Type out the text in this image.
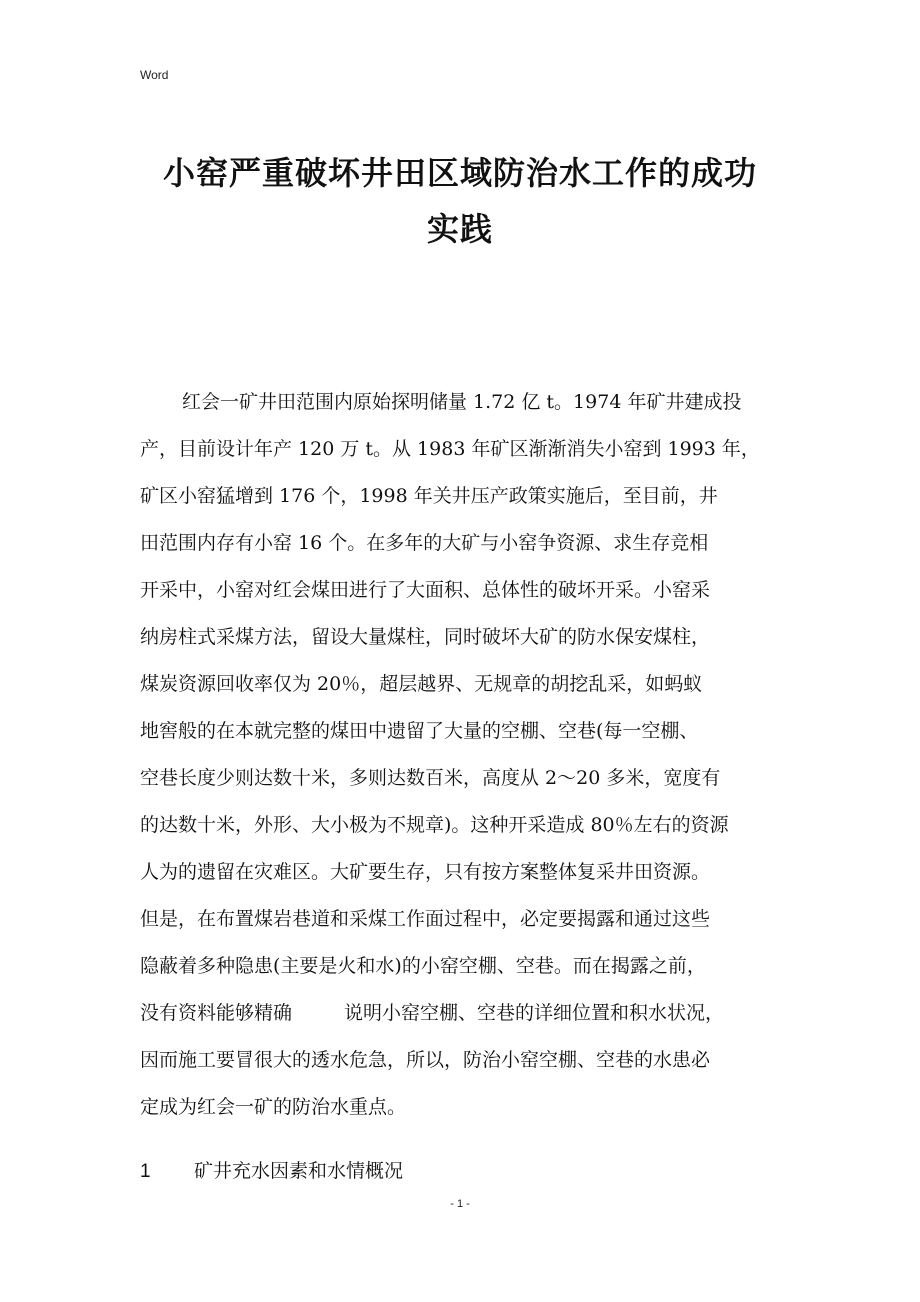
Word
小窑严重破坏井田区域防治水工作的成功
实践
红会一矿井田范围内原始探明储量 1.72 亿 t。1974 年矿井建成投
产，目前设计年产 120 万 t。从 1983 年矿区渐渐消失小窑到 1993 年，
矿区小窑猛增到 176 个，1998 年关井压产政策实施后，至目前，井
田范围内存有小窑 16 个。在多年的大矿与小窑争资源、求生存竞相
开采中，小窑对红会煤田进行了大面积、总体性的破坏开采。小窑采
纳房柱式采煤方法，留设大量煤柱，同时破坏大矿的防水保安煤柱，
煤炭资源回收率仅为 20％，超层越界、无规章的胡挖乱采，如蚂蚁
地窖般的在本就完整的煤田中遗留了大量的空棚、空巷(每一空棚、
空巷长度少则达数十米，多则达数百米，高度从 2～20 多米，宽度有
的达数十米，外形、大小极为不规章)。这种开采造成 80％左右的资源
人为的遗留在灾难区。大矿要生存，只有按方案整体复采井田资源。
但是，在布置煤岩巷道和采煤工作面过程中，必定要揭露和通过这些
隐蔽着多种隐患(主要是火和水)的小窑空棚、空巷。而在揭露之前，
没有资料能够精确	说明小窑空棚、空巷的详细位置和积水状况，
因而施工要冒很大的透水危急，所以，防治小窑空棚、空巷的水患必
定成为红会一矿的防治水重点。
1 矿井充水因素和水情概况
- 1 -
